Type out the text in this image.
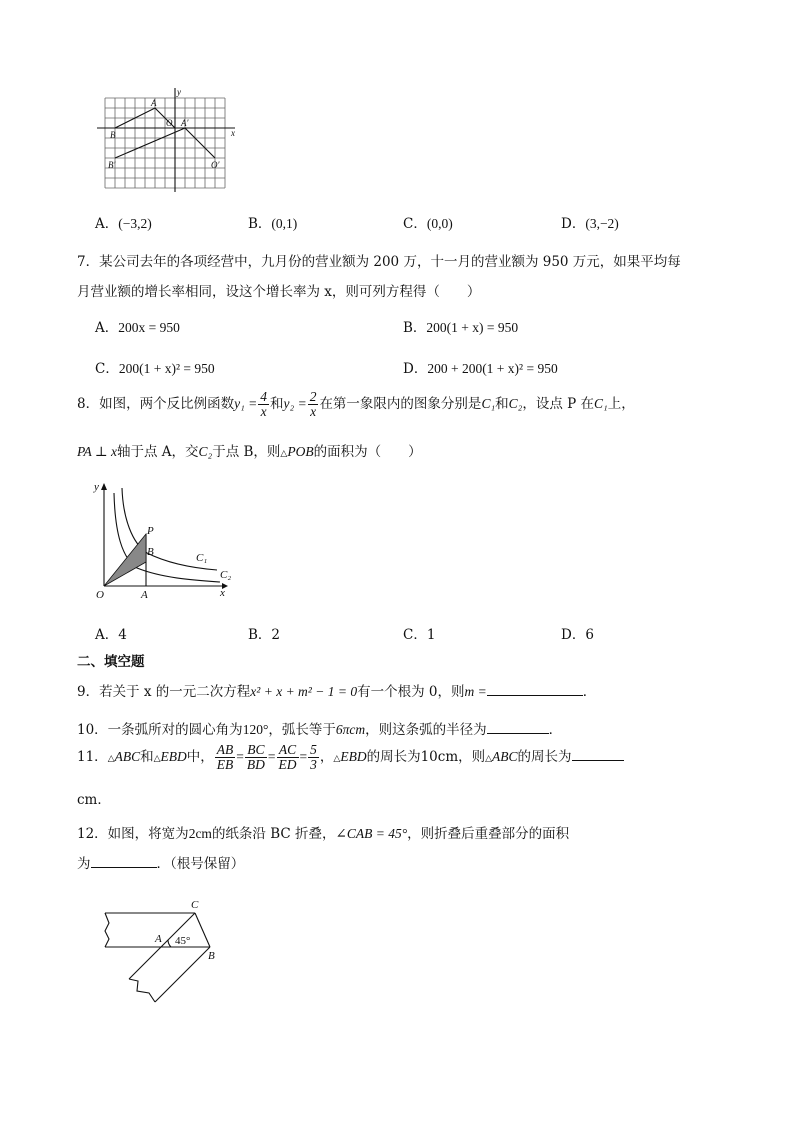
y
x
A
B
O A′
B′	O′
A．(−3,2)	B．(0,1)	C．(0,0)	D．(3,−2)
7．某公司去年的各项经营中，九月份的营业额为 200 万，十一月的营业额为 950 万元，如果平均每
月营业额的增长率相同，设这个增长率为 x，则可列方程得（　　）
A．200x = 950	B．200(1 + x) = 950
C．200(1 + x)² = 950	D．200 + 200(1 + x)² = 950
8．如图，两个反比例函数$y_1 = \frac{4}{x}$ 和$y_2 = \frac{2}{x}$ 在第一象限内的图象分别是C₁和C₂，设点 P 在C₁上，
PA ⊥ x轴于点 A，交C₂于点 B，则△POB的面积为（　　）
y
x
P
B
O	A
C₁
C₂
A．4	B．2	C．1	D．6
二、填空题
9．若关于 x 的一元二次方程x² + x + m² − 1 = 0有一个根为 0，则m =	．
10．一条弧所对的圆心角为120°，弧长等于6πcm，则这条弧的半径为	．
11．△ABC和△EBD中， $\frac{AB}{EB} = \frac{BC}{BD} = \frac{AC}{ED} = \frac{5}{3}$ ，△EBD的周长为10cm，则△ABC的周长为
cm．
12．如图，将宽为2cm的纸条沿 BC 折叠，∠CAB = 45°，则折叠后重叠部分的面积
为	．（根号保留）
C
A
B
45°
